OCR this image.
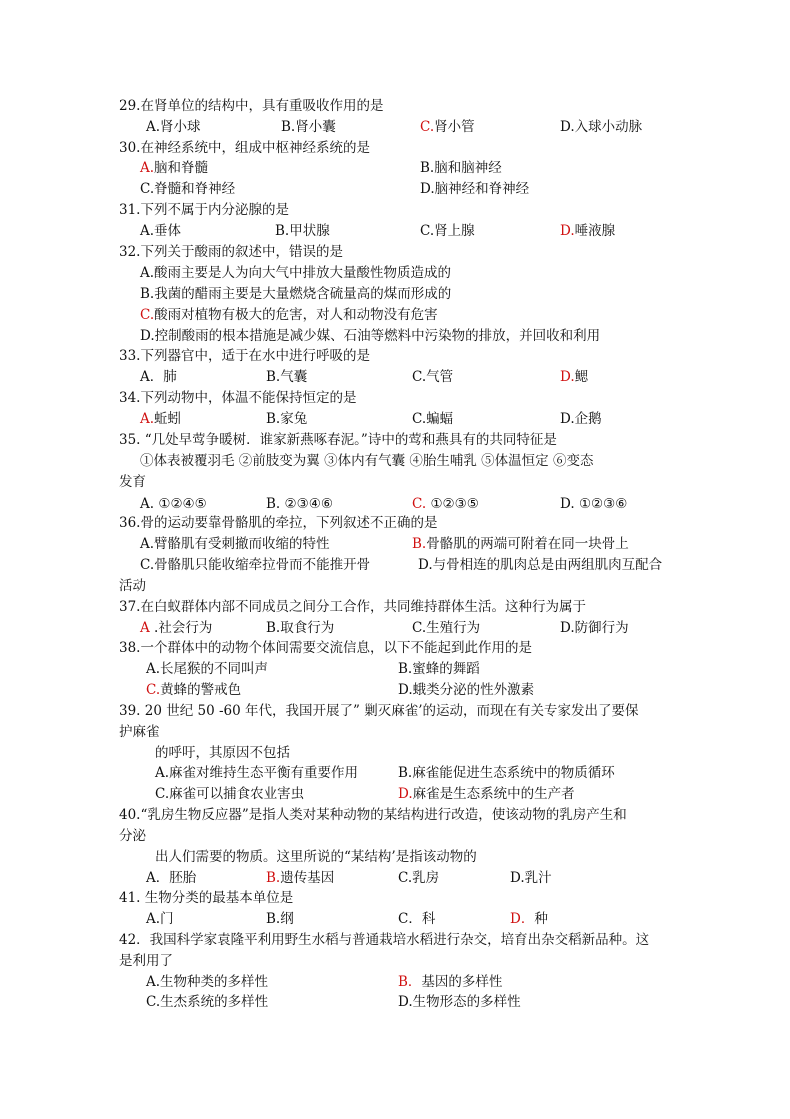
29.在肾单位的结构中，具有重吸收作用的是
A.肾小球	B.肾小囊	C.肾小管	D.入球小动脉
30.在神经系统中，组成中枢神经系统的是
A.脑和脊髓	B.脑和脑神经
C.脊髓和脊神经	D.脑神经和脊神经
31.下列不属于内分泌腺的是
A.垂体	B.甲状腺	C.肾上腺	D.唾液腺
32.下列关于酸雨的叙述中，错误的是
A.酸雨主要是人为向大气中排放大量酸性物质造成的
B.我菌的醋雨主要是大量燃烧含硫量高的煤而形成的
C.酸雨对植物有极大的危害，对人和动物没有危害
D.控制酸雨的根本措施是减少媒、石油等燃料中污染物的排放，并回收和利用
33.下列器官中，适于在水中进行呼吸的是
A．肺	B.气囊	C.气管	D.鳃
34.下列动物中，体温不能保持恒定的是
A.蚯蚓	B.家兔	C.蝙蝠	D.企鹅
35. “几处早莺争暖树．谁家新燕啄春泥。”诗中的莺和燕具有的共同特征是
①体表被覆羽毛 ②前肢变为翼 ③体内有气囊 ④胎生哺乳 ⑤体温恒定 ⑥变态
发育
A. ①②④⑤	B. ②③④⑥	C. ①②③⑤	D. ①②③⑥
36.骨的运动要靠骨骼肌的牵拉，下列叙述不正确的是
A.臂骼肌有受刺撤而收缩的特性	B.骨骼肌的两端可附着在同一块骨上
C.骨骼肌只能收缩牵拉骨而不能推开骨	D.与骨相连的肌肉总是由两组肌肉互配合
活动
37.在白蚁群体内部不同成员之间分工合作，共同维持群体生活。这种行为属于
A .社会行为	B.取食行为	C.生殖行为	D.防御行为
38.一个群体中的动物个体间需要交流信息，以下不能起到此作用的是
A.长尾猴的不同叫声	B.蜜蜂的舞蹈
C.黄蜂的警戒色	D.蛾类分泌的性外激素
39. 20 世纪 50 -60 年代，我国开展了” 剿灭麻雀’的运动，而现在有关专家发出了要保
护麻雀
的呼吁，其原因不包括
A.麻雀对维持生态平衡有重要作用	B.麻雀能促进生态系统中的物质循环
C.麻雀可以捕食农业害虫	D.麻雀是生态系统中的生产者
40.“乳房生物反应器”是指人类对某种动物的某结构进行改造，使该动物的乳房产生和
分泌
出人们需要的物质。这里所说的“某结构’是指该动物的
A．胚胎	B.遗传基因	C.乳房	D.乳汁
41. 生物分类的最基本单位是
A.门	B.纲	C．科	D．种
42．我国科学家袁隆平利用野生水稻与普通栽培水稻进行杂交，培育出杂交稻新品种。这
是利用了
A.生物种类的多样性	B．基因的多样性
C.生杰系统的多样性	D.生物形态的多样性
